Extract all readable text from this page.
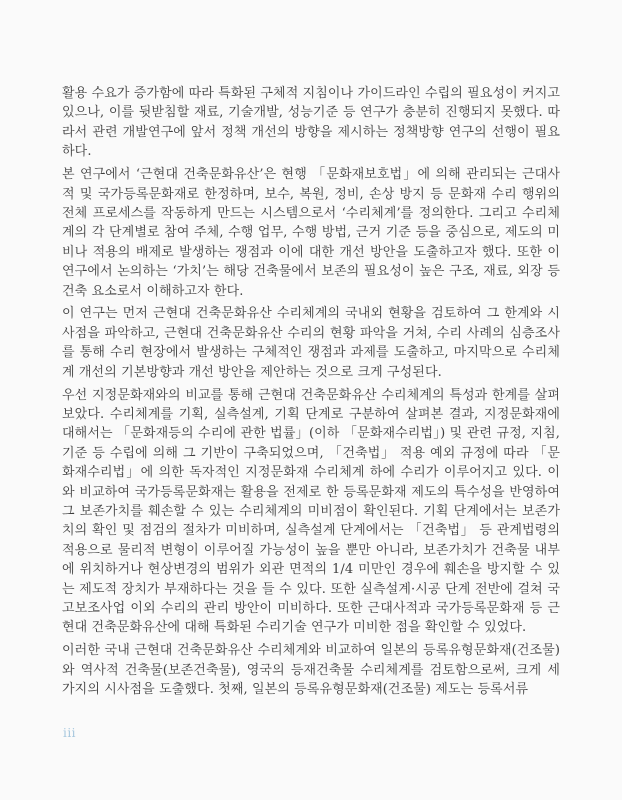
활용 수요가 증가함에 따라 특화된 구체적 지침이나 가이드라인 수립의 필요성이 커지고 있으나, 이를 뒷받침할 재료, 기술개발, 성능기준 등 연구가 충분히 진행되지 못했다. 따라서 관련 개발연구에 앞서 정책 개선의 방향을 제시하는 정책방향 연구의 선행이 필요하다.

본 연구에서 ‘근현대 건축문화유산’은 현행 「문화재보호법」에 의해 관리되는 근대사적 및 국가등록문화재로 한정하며, 보수, 복원, 정비, 손상 방지 등 문화재 수리 행위의 전체 프로세스를 작동하게 만드는 시스템으로서 ‘수리체계’를 정의한다. 그리고 수리체계의 각 단계별로 참여 주체, 수행 업무, 수행 방법, 근거 기준 등을 중심으로, 제도의 미비나 적용의 배제로 발생하는 쟁점과 이에 대한 개선 방안을 도출하고자 했다. 또한 이 연구에서 논의하는 ‘가치’는 해당 건축물에서 보존의 필요성이 높은 구조, 재료, 외장 등 건축 요소로서 이해하고자 한다.

이 연구는 먼저 근현대 건축문화유산 수리체계의 국내외 현황을 검토하여 그 한계와 시사점을 파악하고, 근현대 건축문화유산 수리의 현황 파악을 거쳐, 수리 사례의 심층조사를 통해 수리 현장에서 발생하는 구체적인 쟁점과 과제를 도출하고, 마지막으로 수리체계 개선의 기본방향과 개선 방안을 제안하는 것으로 크게 구성된다.

우선 지정문화재와의 비교를 통해 근현대 건축문화유산 수리체계의 특성과 한계를 살펴보았다. 수리체계를 기획, 실측설계, 기획 단계로 구분하여 살펴본 결과, 지정문화재에 대해서는 「문화재등의 수리에 관한 법률」(이하 「문화재수리법」) 및 관련 규정, 지침, 기준 등 수립에 의해 그 기반이 구축되었으며, 「건축법」 적용 예외 규정에 따라 「문화재수리법」에 의한 독자적인 지정문화재 수리체계 하에 수리가 이루어지고 있다. 이와 비교하여 국가등록문화재는 활용을 전제로 한 등록문화재 제도의 특수성을 반영하여 그 보존가치를 훼손할 수 있는 수리체계의 미비점이 확인된다. 기획 단계에서는 보존가치의 확인 및 점검의 절차가 미비하며, 실측설계 단계에서는 「건축법」 등 관계법령의 적용으로 물리적 변형이 이루어질 가능성이 높을 뿐만 아니라, 보존가치가 건축물 내부에 위치하거나 현상변경의 범위가 외관 면적의 1/4 미만인 경우에 훼손을 방지할 수 있는 제도적 장치가 부재하다는 것을 들 수 있다. 또한 실측설계·시공 단계 전반에 걸쳐 국고보조사업 이외 수리의 관리 방안이 미비하다. 또한 근대사적과 국가등록문화재 등 근현대 건축문화유산에 대해 특화된 수리기술 연구가 미비한 점을 확인할 수 있었다.

이러한 국내 근현대 건축문화유산 수리체계와 비교하여 일본의 등록유형문화재(건조물)와 역사적 건축물(보존건축물), 영국의 등재건축물 수리체계를 검토함으로써, 크게 세 가지의 시사점을 도출했다. 첫째, 일본의 등록유형문화재(건조물) 제도는 등록서류

iii
